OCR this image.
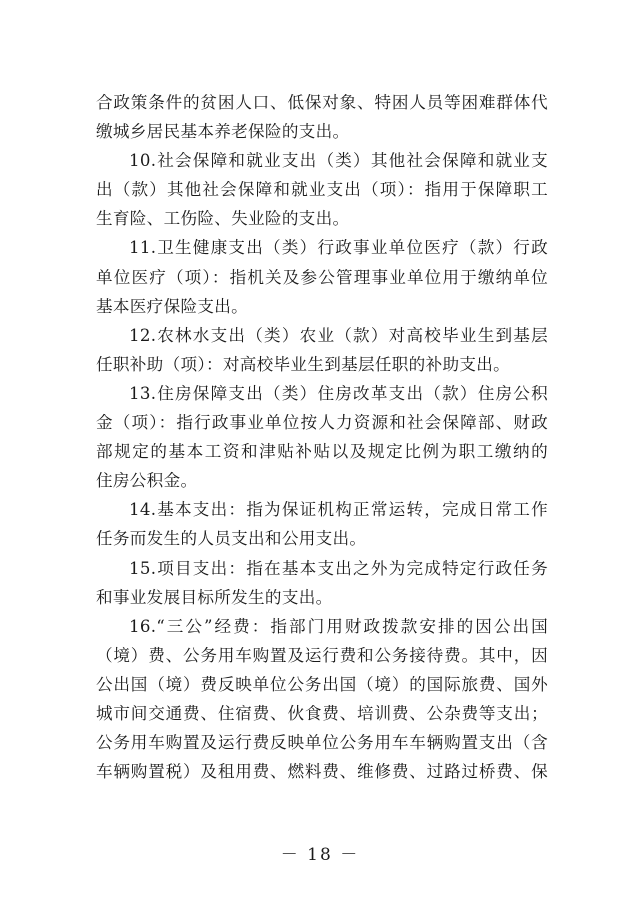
合政策条件的贫困人口、低保对象、特困人员等困难群体代
缴城乡居民基本养老保险的支出。
10.社会保障和就业支出（类）其他社会保障和就业支
出（款）其他社会保障和就业支出（项）：指用于保障职工
生育险、工伤险、失业险的支出。
11.卫生健康支出（类）行政事业单位医疗（款）行政
单位医疗（项）：指机关及参公管理事业单位用于缴纳单位
基本医疗保险支出。
12.农林水支出（类）农业（款）对高校毕业生到基层
任职补助（项）：对高校毕业生到基层任职的补助支出。
13.住房保障支出（类）住房改革支出（款）住房公积
金（项）：指行政事业单位按人力资源和社会保障部、财政
部规定的基本工资和津贴补贴以及规定比例为职工缴纳的
住房公积金。
14.基本支出：指为保证机构正常运转，完成日常工作
任务而发生的人员支出和公用支出。
15.项目支出：指在基本支出之外为完成特定行政任务
和事业发展目标所发生的支出。
16.“三公”经费：指部门用财政拨款安排的因公出国
（境）费、公务用车购置及运行费和公务接待费。其中，因
公出国（境）费反映单位公务出国（境）的国际旅费、国外
城市间交通费、住宿费、伙食费、培训费、公杂费等支出；
公务用车购置及运行费反映单位公务用车车辆购置支出（含
车辆购置税）及租用费、燃料费、维修费、过路过桥费、保
－ 18 －
